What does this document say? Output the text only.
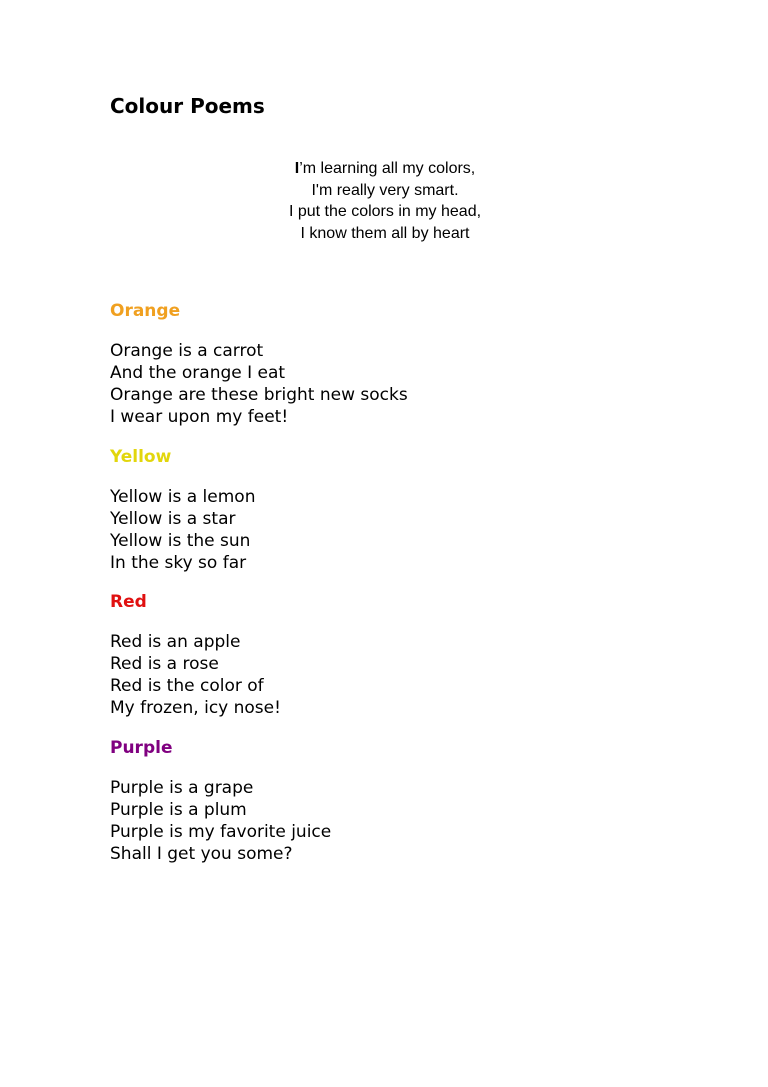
Colour Poems
I’m learning all my colors,
I'm really very smart.
I put the colors in my head,
I know them all by heart
Orange
Orange is a carrot
And the orange I eat
Orange are these bright new socks
I wear upon my feet!
Yellow
Yellow is a lemon
Yellow is a star
Yellow is the sun
In the sky so far
Red
Red is an apple
Red is a rose
Red is the color of
My frozen, icy nose!
Purple
Purple is a grape
Purple is a plum
Purple is my favorite juice
Shall I get you some?
